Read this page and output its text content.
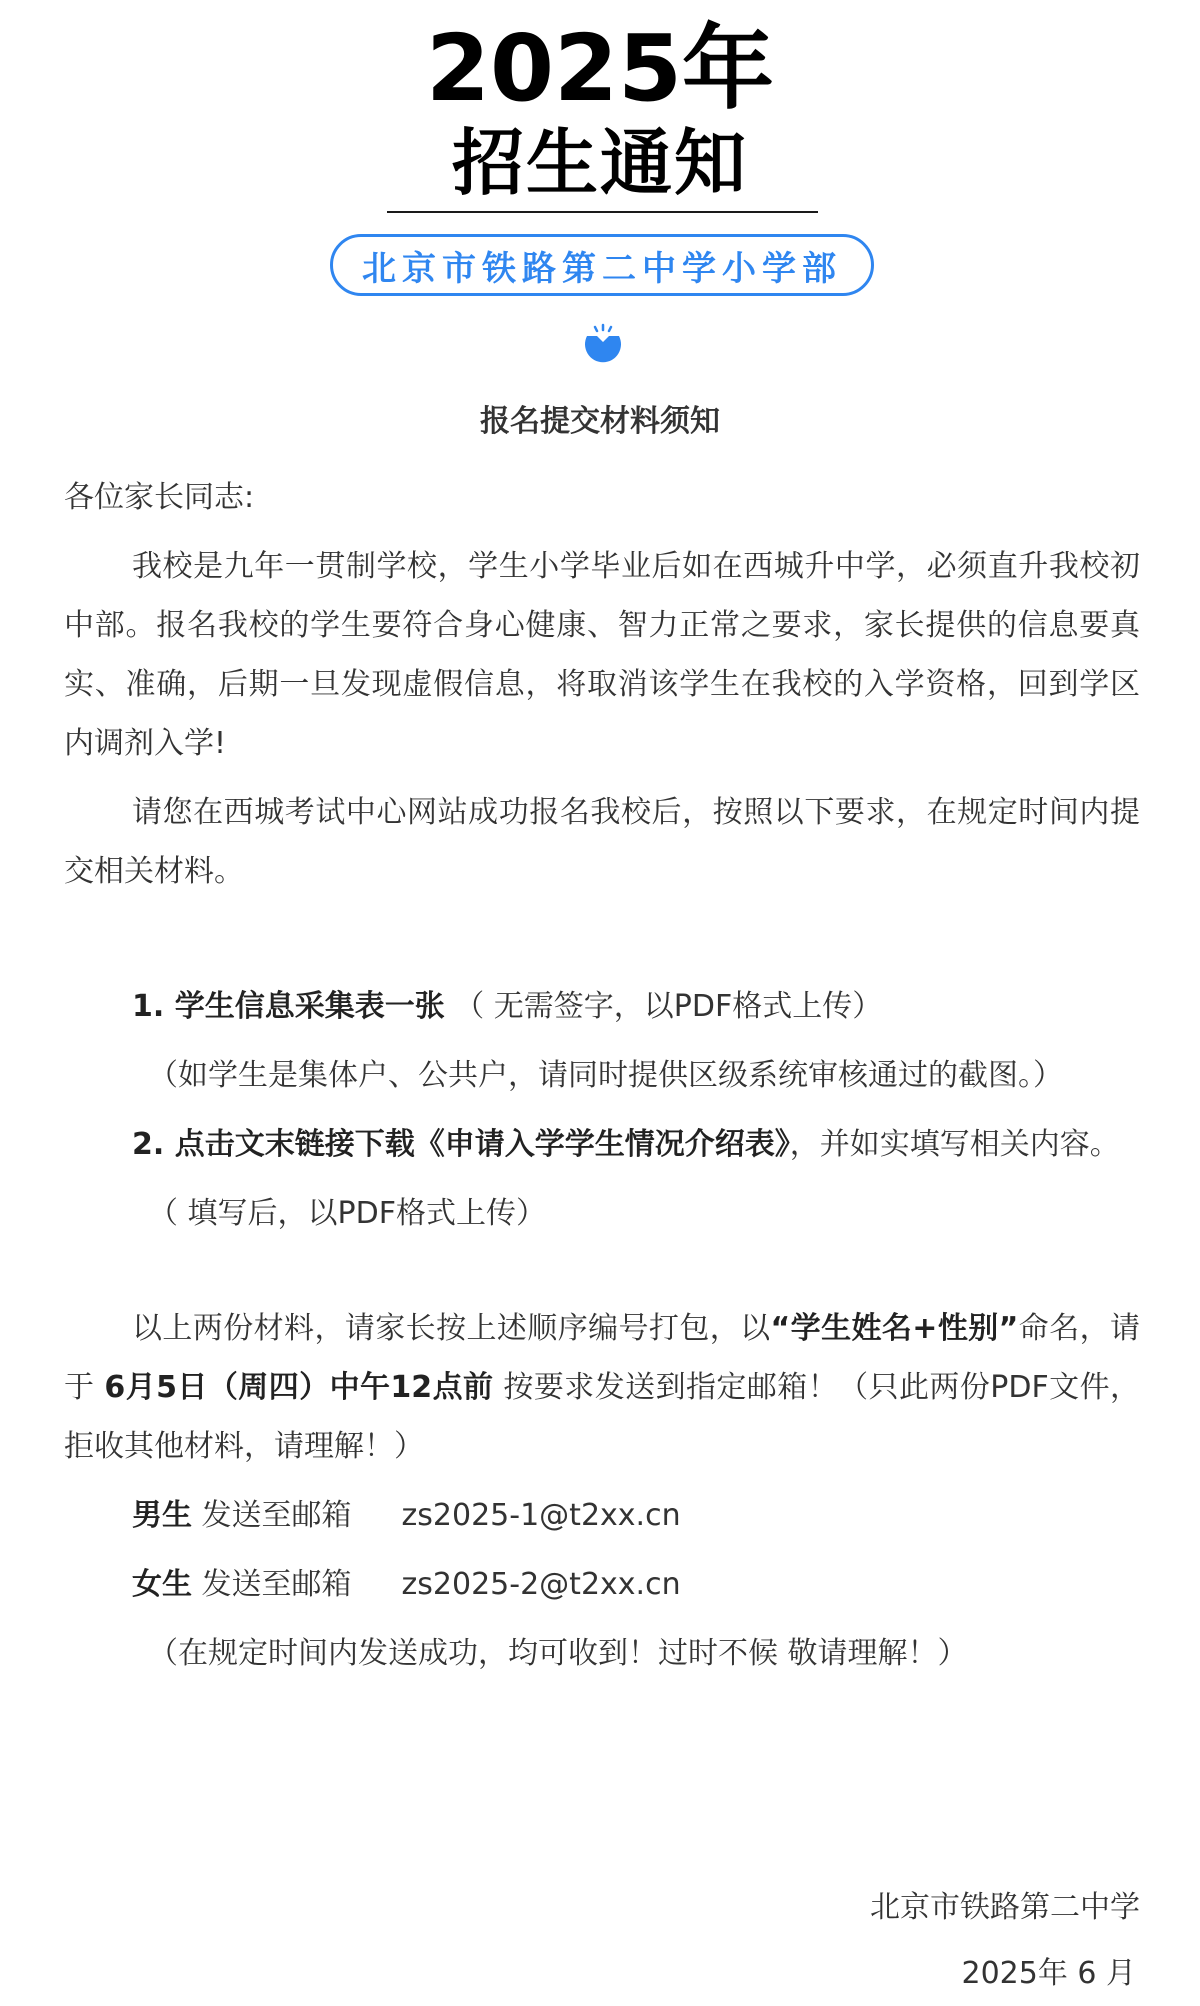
2025年
招生通知
北京市铁路第二中学小学部
报名提交材料须知

各位家长同志:

我校是九年一贯制学校，学生小学毕业后如在西城升中学，必须直升我校初中部。报名我校的学生要符合身心健康、智力正常之要求，家长提供的信息要真实、准确，后期一旦发现虚假信息，将取消该学生在我校的入学资格，回到学区内调剂入学!

请您在西城考试中心网站成功报名我校后，按照以下要求，在规定时间内提交相关材料。

1. 学生信息采集表一张 （ 无需签字，以PDF格式上传）

（如学生是集体户、公共户，请同时提供区级系统审核通过的截图。）

2. 点击文末链接下载《申请入学学生情况介绍表》，并如实填写相关内容。

（ 填写后，以PDF格式上传）

以上两份材料，请家长按上述顺序编号打包，以“学生姓名+性别”命名，请于 6月5日（周四）中午12点前 按要求发送到指定邮箱！（只此两份PDF文件，拒收其他材料，请理解！）

男生 发送至邮箱 zs2025-1@t2xx.cn

女生 发送至邮箱 zs2025-2@t2xx.cn

（在规定时间内发送成功，均可收到！过时不候 敬请理解！）

北京市铁路第二中学
2025年 6 月
